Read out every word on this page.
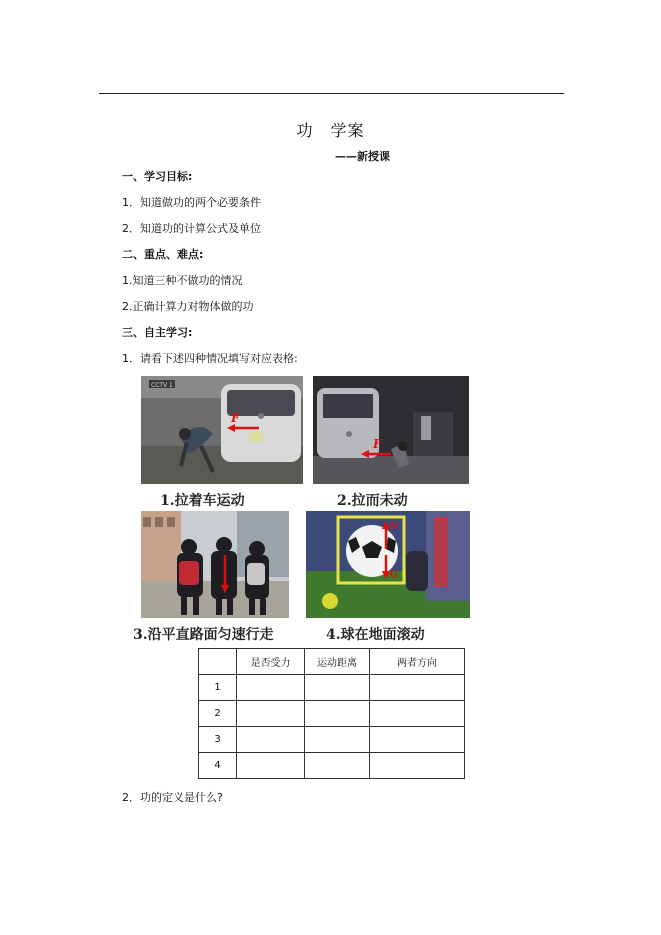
功　学案
——新授课
一、学习目标:
1．知道做功的两个必要条件
2．知道功的计算公式及单位
二、重点、难点:
1.知道三种不做功的情况
2.正确计算力对物体做的功
三、自主学习:
1．请看下述四种情况填写对应表格:
CCTV 1
F
F
1.拉着车运动	2.拉而未动
N
G
3.沿平直路面匀速行走	4.球在地面滚动
	是否受力	运动距离	两者方向
1			
2			
3			
4			
2．功的定义是什么?
